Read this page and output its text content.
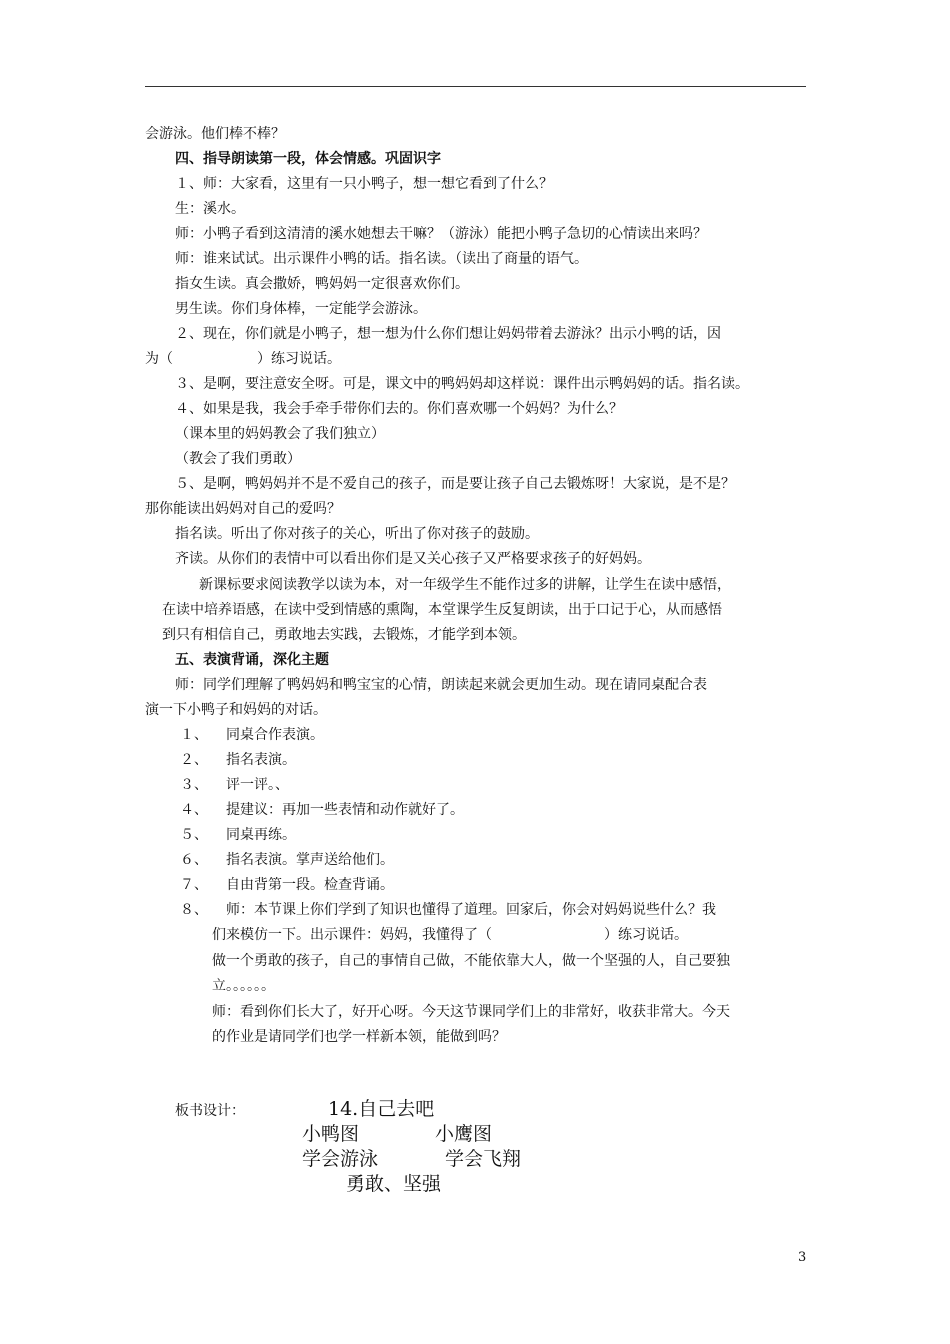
会游泳。他们棒不棒？
四、指导朗读第一段，体会情感。巩固识字
１、师：大家看，这里有一只小鸭子，想一想它看到了什么？
生：溪水。
师：小鸭子看到这清清的溪水她想去干嘛？（游泳）能把小鸭子急切的心情读出来吗？
师：谁来试试。出示课件小鸭的话。指名读。（读出了商量的语气。
指女生读。真会撒娇，鸭妈妈一定很喜欢你们。
男生读。你们身体棒，一定能学会游泳。
２、现在，你们就是小鸭子，想一想为什么你们想让妈妈带着去游泳？出示小鸭的话，因
为（　　　　　　）练习说话。
３、是啊，要注意安全呀。可是，课文中的鸭妈妈却这样说：课件出示鸭妈妈的话。指名读。
４、如果是我，我会手牵手带你们去的。你们喜欢哪一个妈妈？为什么？
（课本里的妈妈教会了我们独立）
（教会了我们勇敢）
５、是啊，鸭妈妈并不是不爱自己的孩子，而是要让孩子自己去锻炼呀！大家说，是不是？
那你能读出妈妈对自己的爱吗？
指名读。听出了你对孩子的关心，听出了你对孩子的鼓励。
齐读。从你们的表情中可以看出你们是又关心孩子又严格要求孩子的好妈妈。
新课标要求阅读教学以读为本，对一年级学生不能作过多的讲解，让学生在读中感悟，
在读中培养语感，在读中受到情感的熏陶，本堂课学生反复朗读，出于口记于心，从而感悟
到只有相信自己，勇敢地去实践，去锻炼，才能学到本领。
五、表演背诵，深化主题
师：同学们理解了鸭妈妈和鸭宝宝的心情，朗读起来就会更加生动。现在请同桌配合表
演一下小鸭子和妈妈的对话。
１、 同桌合作表演。
２、 指名表演。
３、 评一评。、
４、 提建议：再加一些表情和动作就好了。
５、 同桌再练。
６、 指名表演。掌声送给他们。
７、 自由背第一段。检查背诵。
８、 师：本节课上你们学到了知识也懂得了道理。回家后，你会对妈妈说些什么？我
们来模仿一下。出示课件：妈妈，我懂得了（　　　　　　　　）练习说话。
做一个勇敢的孩子，自己的事情自己做，不能依靠大人，做一个坚强的人，自己要独
立。。。。。。
师：看到你们长大了，好开心呀。今天这节课同学们上的非常好，收获非常大。今天
的作业是请同学们也学一样新本领，能做到吗？
板书设计：	14.自己去吧
小鸭图	小鹰图
学会游泳	学会飞翔
勇敢、坚强
3
